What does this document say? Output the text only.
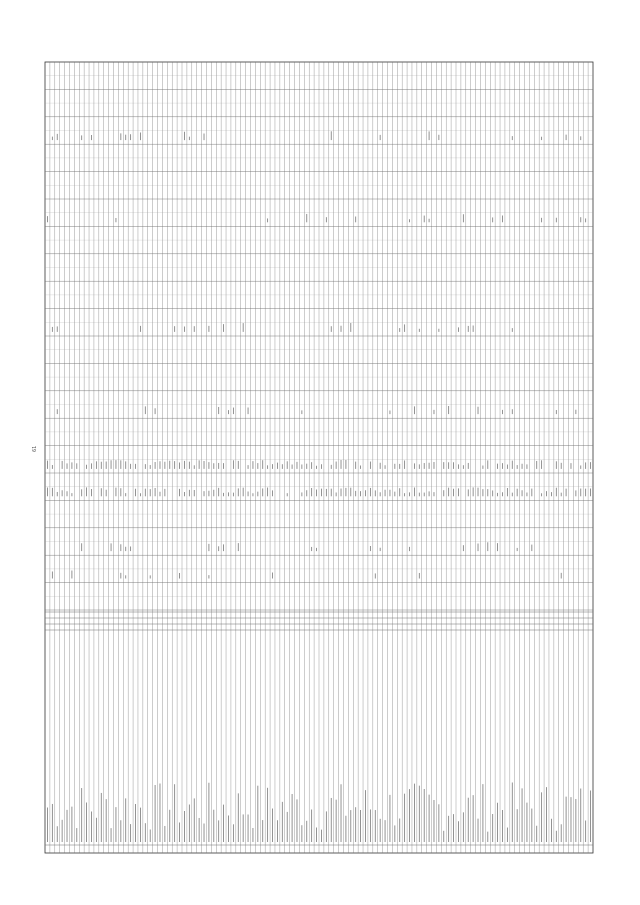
61
